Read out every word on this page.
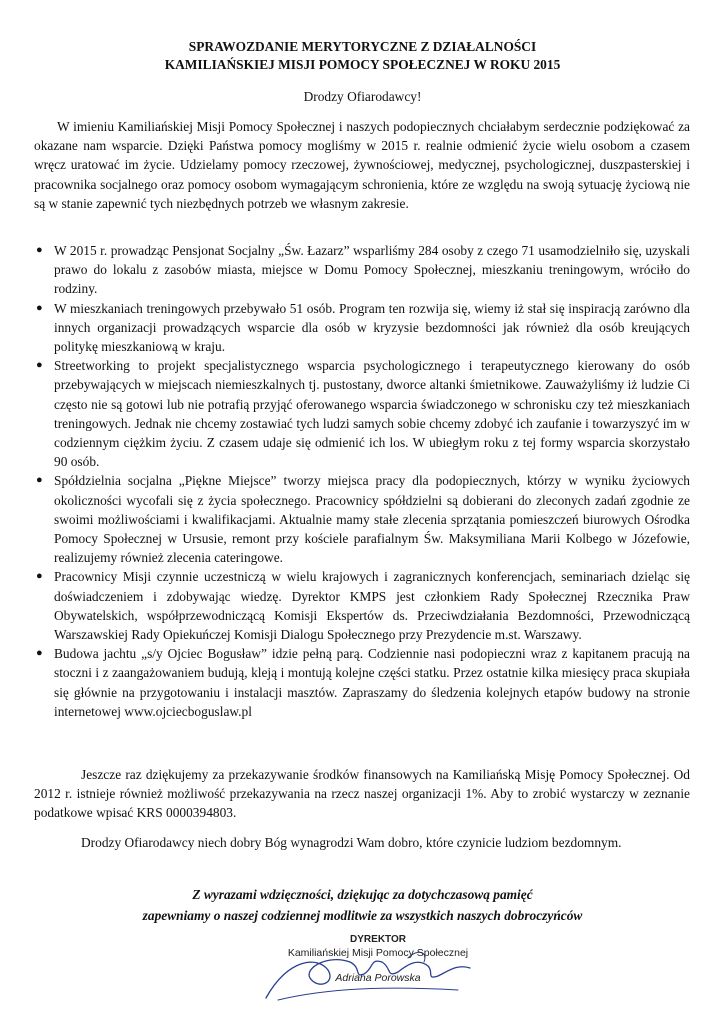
SPRAWOZDANIE MERYTORYCZNE Z DZIAŁALNOŚCI
KAMILIAŃSKIEJ MISJI POMOCY SPOŁECZNEJ W ROKU 2015
Drodzy Ofiarodawcy!

W imieniu Kamiliańskiej Misji Pomocy Społecznej i naszych podopiecznych chciałabym serdecznie podziękować za okazane nam wsparcie. Dzięki Państwa pomocy mogliśmy w 2015 r. realnie odmienić życie wielu osobom a czasem wręcz uratować im życie. Udzielamy pomocy rzeczowej, żywnościowej, medycznej, psychologicznej, duszpasterskiej i pracownika socjalnego oraz pomocy osobom wymagającym schronienia, które ze względu na swoją sytuację życiową nie są w stanie zapewnić tych niezbędnych potrzeb we własnym zakresie.

● W 2015 r. prowadząc Pensjonat Socjalny „Św. Łazarz” wsparliśmy 284 osoby z czego 71 usamodzielniło się, uzyskali prawo do lokalu z zasobów miasta, miejsce w Domu Pomocy Społecznej, mieszkaniu treningowym, wróciło do rodziny.
● W mieszkaniach treningowych przebywało 51 osób. Program ten rozwija się, wiemy iż stał się inspiracją zarówno dla innych organizacji prowadzących wsparcie dla osób w kryzysie bezdomności jak również dla osób kreujących politykę mieszkaniową w kraju.
● Streetworking to projekt specjalistycznego wsparcia psychologicznego i terapeutycznego kierowany do osób przebywających w miejscach niemieszkalnych tj. pustostany, dworce altanki śmietnikowe. Zauważyliśmy iż ludzie Ci często nie są gotowi lub nie potrafią przyjąć oferowanego wsparcia świadczonego w schronisku czy też mieszkaniach treningowych. Jednak nie chcemy zostawiać tych ludzi samych sobie chcemy zdobyć ich zaufanie i towarzyszyć im w codziennym ciężkim życiu. Z czasem udaje się odmienić ich los. W ubiegłym roku z tej formy wsparcia skorzystało 90 osób.
● Spółdzielnia socjalna „Piękne Miejsce” tworzy miejsca pracy dla podopiecznych, którzy w wyniku życiowych okoliczności wycofali się z życia społecznego. Pracownicy spółdzielni są dobierani do zleconych zadań zgodnie ze swoimi możliwościami i kwalifikacjami. Aktualnie mamy stałe zlecenia sprzątania pomieszczeń biurowych Ośrodka Pomocy Społecznej w Ursusie, remont przy kościele parafialnym Św. Maksymiliana Marii Kolbego w Józefowie, realizujemy również zlecenia cateringowe.
● Pracownicy Misji czynnie uczestniczą w wielu krajowych i zagranicznych konferencjach, seminariach dzieląc się doświadczeniem i zdobywając wiedzę. Dyrektor KMPS jest członkiem Rady Społecznej Rzecznika Praw Obywatelskich, współprzewodniczącą Komisji Ekspertów ds. Przeciwdziałania Bezdomności, Przewodniczącą Warszawskiej Rady Opiekuńczej Komisji Dialogu Społecznego przy Prezydencie m.st. Warszawy.
● Budowa jachtu „s/y Ojciec Bogusław” idzie pełną parą. Codziennie nasi podopieczni wraz z kapitanem pracują na stoczni i z zaangażowaniem budują, kleją i montują kolejne części statku. Przez ostatnie kilka miesięcy praca skupiała się głównie na przygotowaniu i instalacji masztów. Zapraszamy do śledzenia kolejnych etapów budowy na stronie internetowej www.ojciecboguslaw.pl

Jeszcze raz dziękujemy za przekazywanie środków finansowych na Kamiliańską Misję Pomocy Społecznej. Od 2012 r. istnieje również możliwość przekazywania na rzecz naszej organizacji 1%. Aby to zrobić wystarczy w zeznanie podatkowe wpisać KRS 0000394803.

Drodzy Ofiarodawcy niech dobry Bóg wynagrodzi Wam dobro, które czynicie ludziom bezdomnym.

Z wyrazami wdzięczności, dziękując za dotychczasową pamięć
zapewniamy o naszej codziennej modlitwie za wszystkich naszych dobroczyńców
DYREKTOR
Kamiliańskiej Misji Pomocy Społecznej
Adriana Porowska
